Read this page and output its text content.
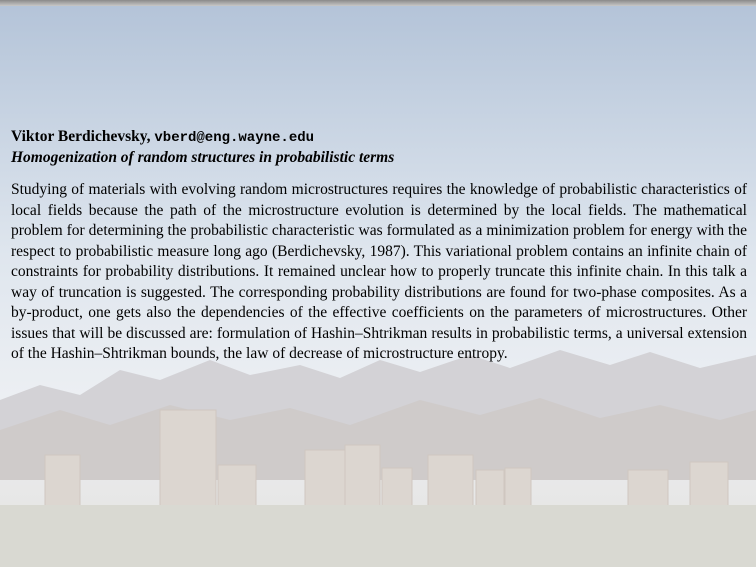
Viktor Berdichevsky, vberd@eng.wayne.edu
Homogenization of random structures in probabilistic terms

Studying of materials with evolving random microstructures requires the knowledge of probabilistic characteristics of local fields because the path of the microstructure evolution is determined by the local fields. The mathematical problem for determining the probabilistic characteristic was formulated as a minimization problem for energy with the respect to probabilistic measure long ago (Berdichevsky, 1987). This variational problem contains an infinite chain of constraints for probability distributions. It remained unclear how to properly truncate this infinite chain. In this talk a way of truncation is suggested. The corresponding probability distributions are found for two-phase composites. As a by-product, one gets also the dependencies of the effective coefficients on the parameters of microstructures. Other issues that will be discussed are: formulation of Hashin–Shtrikman results in probabilistic terms, a universal extension of the Hashin–Shtrikman bounds, the law of decrease of microstructure entropy.
